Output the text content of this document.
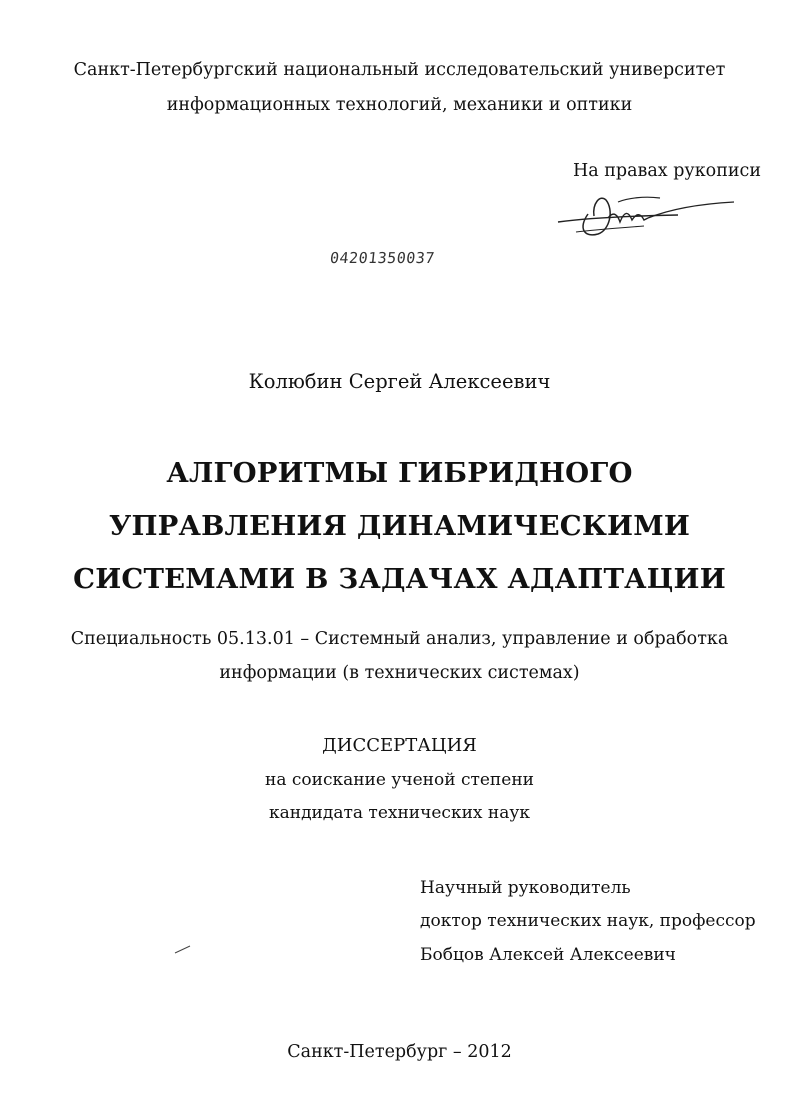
Санкт-Петербургский национальный исследовательский университет
информационных технологий, механики и оптики
На правах рукописи
04201350037
Колюбин Сергей Алексеевич
АЛГОРИТМЫ ГИБРИДНОГО
УПРАВЛЕНИЯ ДИНАМИЧЕСКИМИ
СИСТЕМАМИ В ЗАДАЧАХ АДАПТАЦИИ
Специальность 05.13.01 – Системный анализ, управление и обработка
информации (в технических системах)
ДИССЕРТАЦИЯ
на соискание ученой степени
кандидата технических наук
Научный руководитель
доктор технических наук, профессор
Бобцов Алексей Алексеевич
Санкт-Петербург – 2012
